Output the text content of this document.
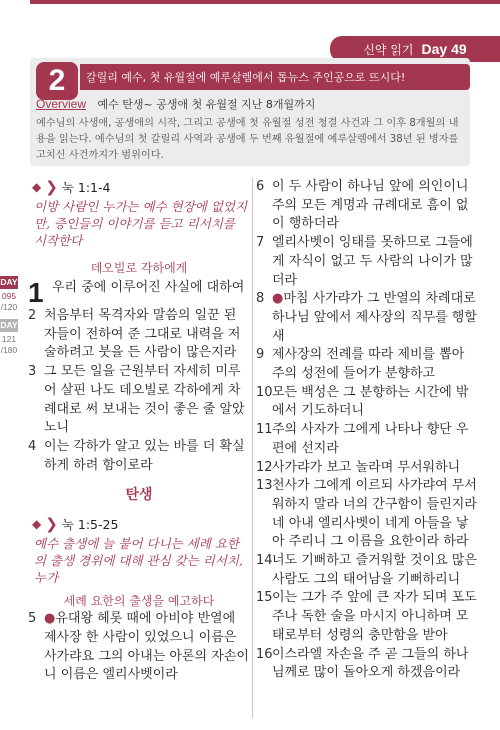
신약 읽기 Day 49
2	갈릴리 예수, 첫 유월절에 예루살렘에서 톱뉴스 주인공으로 뜨시다!
Overview 예수 탄생~ 공생애 첫 유월절 지난 8개월까지
예수님의 사생애, 공생애의 시작, 그리고 공생애 첫 유월절 성전 청결 사건과 그 이후 8개월의 내용을 읽는다. 예수님의 첫 갈릴리 사역과 공생애 두 번째 유월절에 예루살렘에서 38년 된 병자를 고치신 사건까지가 범위이다.
DAY
095
/120
DAY
121
/180
◆ ❯ 눅 1:1-4
이방 사람인 누가는 예수 현장에 없었지만, 증인들의 이야기를 듣고 리서치를 시작한다
데오빌로 각하에게
1 우리 중에 이루어진 사실에 대하여
2 처음부터 목격자와 말씀의 일꾼 된 자들이 전하여 준 그대로 내력을 저술하려고 붓을 든 사람이 많은지라
3 그 모든 일을 근원부터 자세히 미루어 살핀 나도 데오빌로 각하에게 차례대로 써 보내는 것이 좋은 줄 알았노니
4 이는 각하가 알고 있는 바를 더 확실하게 하려 함이로라
탄생
◆ ❯ 눅 1:5-25
예수 출생에 늘 붙어 다니는 세례 요한의 출생 경위에 대해 관심 갖는 리서치, 누가
세례 요한의 출생을 예고하다
5 ●유대왕 헤롯 때에 아비야 반열에 제사장 한 사람이 있었으니 이름은 사가랴요 그의 아내는 아론의 자손이니 이름은 엘리사벳이라
6 이 두 사람이 하나님 앞에 의인이니 주의 모든 계명과 규례대로 흠이 없이 행하더라
7 엘리사벳이 잉태를 못하므로 그들에게 자식이 없고 두 사람의 나이가 많더라
8 ●마침 사가랴가 그 반열의 차례대로 하나님 앞에서 제사장의 직무를 행할새
9 제사장의 전례를 따라 제비를 뽑아 주의 성전에 들어가 분향하고
10 모든 백성은 그 분향하는 시간에 밖에서 기도하더니
11 주의 사자가 그에게 나타나 향단 우편에 선지라
12 사가랴가 보고 놀라며 무서워하니
13 천사가 그에게 이르되 사가랴여 무서워하지 말라 너의 간구함이 들린지라 네 아내 엘리사벳이 네게 아들을 낳아 주리니 그 이름을 요한이라 하라
14 너도 기뻐하고 즐거워할 것이요 많은 사람도 그의 태어남을 기뻐하리니
15 이는 그가 주 앞에 큰 자가 되며 포도주나 독한 술을 마시지 아니하며 모태로부터 성령의 충만함을 받아
16 이스라엘 자손을 주 곧 그들의 하나님께로 많이 돌아오게 하겠음이라
